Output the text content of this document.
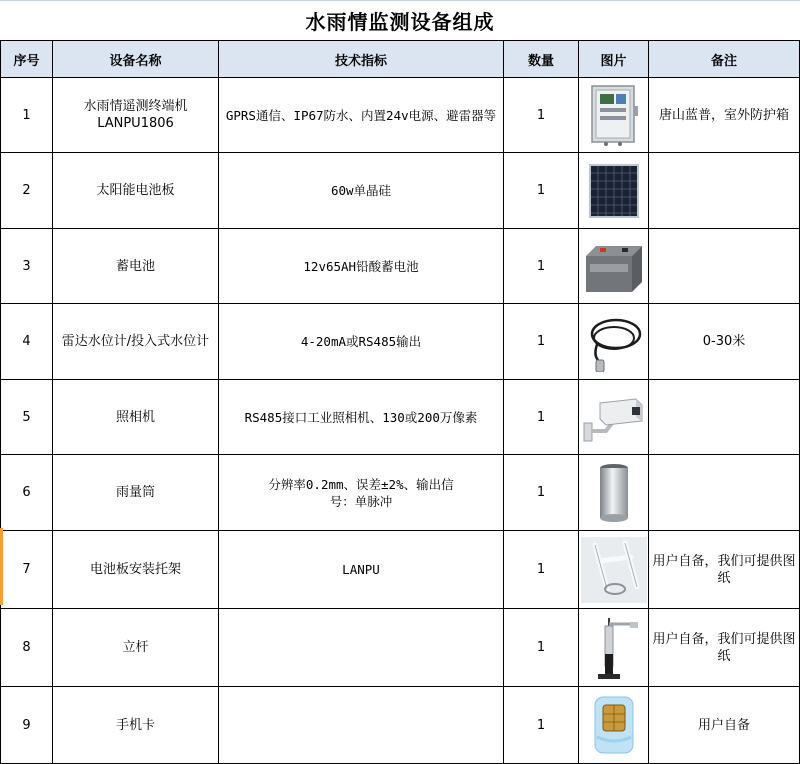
水雨情监测设备组成
序号	设备名称	技术指标	数量	图片	备注
1	水雨情遥测终端机LANPU1806	GPRS通信、IP67防水、内置24v电源、避雷器等	1		唐山蓝普，室外防护箱
2	太阳能电池板	60w单晶硅	1	

3	蓄电池	12v65AH铅酸蓄电池	1	

4	雷达水位计/投入式水位计	4-20mA或RS485输出	1		0-30米
5	照相机	RS485接口工业照相机、130或200万像素	1	

6	雨量筒	分辨率0.2mm、误差±2%、输出信号：单脉冲	1	

7	电池板安装托架	LANPU	1		用户自备，我们可提供图纸
8	立杆		1		用户自备，我们可提供图纸
9	手机卡		1		用户自备
